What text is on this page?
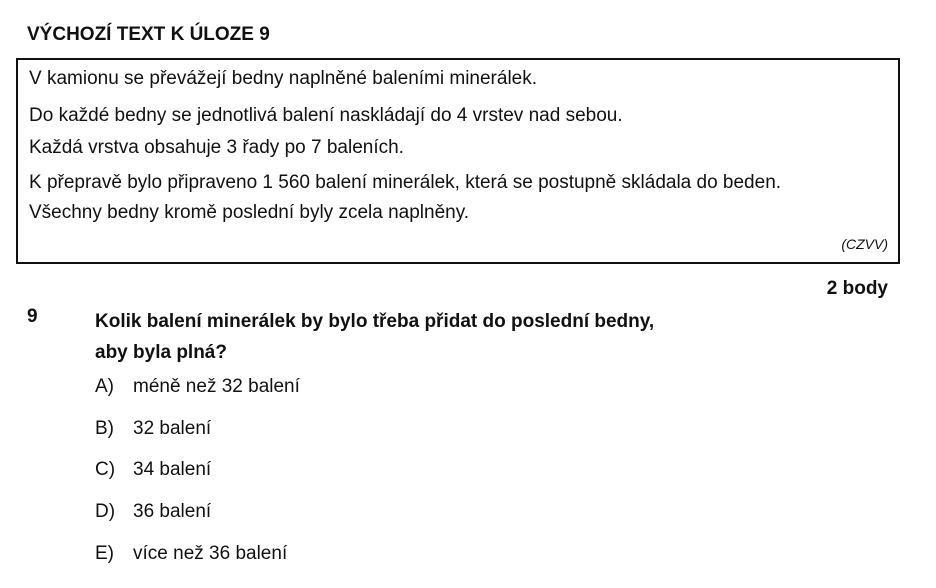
VÝCHOZÍ TEXT K ÚLOZE 9
V kamionu se převážejí bedny naplněné baleními minerálek.
Do každé bedny se jednotlivá balení naskládají do 4 vrstev nad sebou.
Každá vrstva obsahuje 3 řady po 7 baleních.
K přepravě bylo připraveno 1 560 balení minerálek, která se postupně skládala do beden.
Všechny bedny kromě poslední byly zcela naplněny.
(CZVV)
2 body
9	Kolik balení minerálek by bylo třeba přidat do poslední bedny,
aby byla plná?
A) méně než 32 balení
B) 32 balení
C) 34 balení
D) 36 balení
E) více než 36 balení
